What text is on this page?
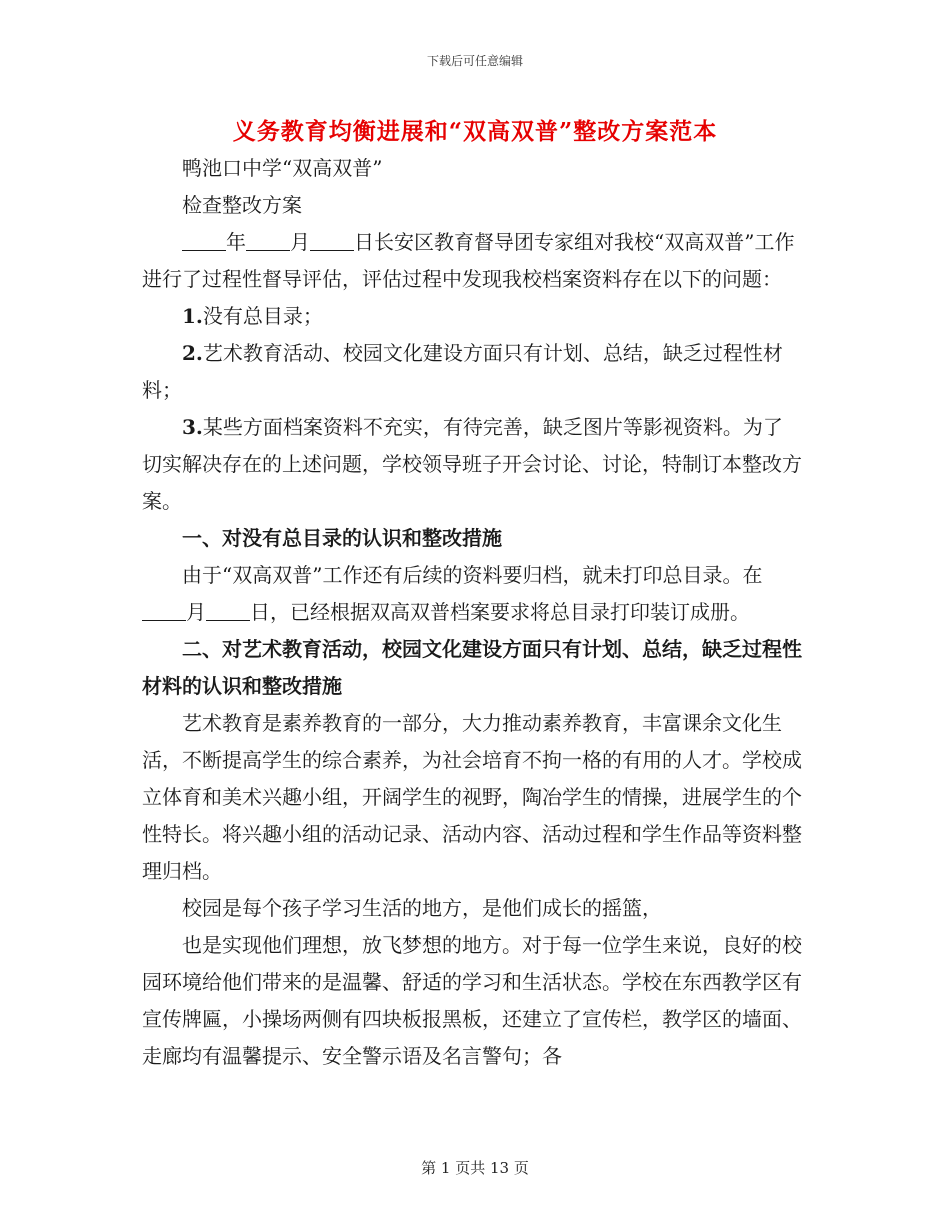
下载后可任意编辑
义务教育均衡进展和“双高双普”整改方案范本

鸭池口中学“双高双普”

检查整改方案

年 月 日长安区教育督导团专家组对我校“双高双普”工作进行了过程性督导评估，评估过程中发现我校档案资料存在以下的问题：

1.没有总目录；

2.艺术教育活动、校园文化建设方面只有计划、总结，缺乏过程性材料；

3.某些方面档案资料不充实，有待完善，缺乏图片等影视资料。为了切实解决存在的上述问题，学校领导班子开会讨论、讨论，特制订本整改方案。

一、对没有总目录的认识和整改措施

由于“双高双普”工作还有后续的资料要归档，就未打印总目录。在月 日，已经根据双高双普档案要求将总目录打印装订成册。

二、对艺术教育活动，校园文化建设方面只有计划、总结，缺乏过程性材料的认识和整改措施

艺术教育是素养教育的一部分，大力推动素养教育，丰富课余文化生活，不断提高学生的综合素养，为社会培育不拘一格的有用的人才。学校成立体育和美术兴趣小组，开阔学生的视野，陶冶学生的情操，进展学生的个性特长。将兴趣小组的活动记录、活动内容、活动过程和学生作品等资料整理归档。

校园是每个孩子学习生活的地方，是他们成长的摇篮，

也是实现他们理想，放飞梦想的地方。对于每一位学生来说，良好的校园环境给他们带来的是温馨、舒适的学习和生活状态。学校在东西教学区有宣传牌匾，小操场两侧有四块板报黑板，还建立了宣传栏，教学区的墙面、走廊均有温馨提示、安全警示语及名言警句；各

第 1 页共 13 页
